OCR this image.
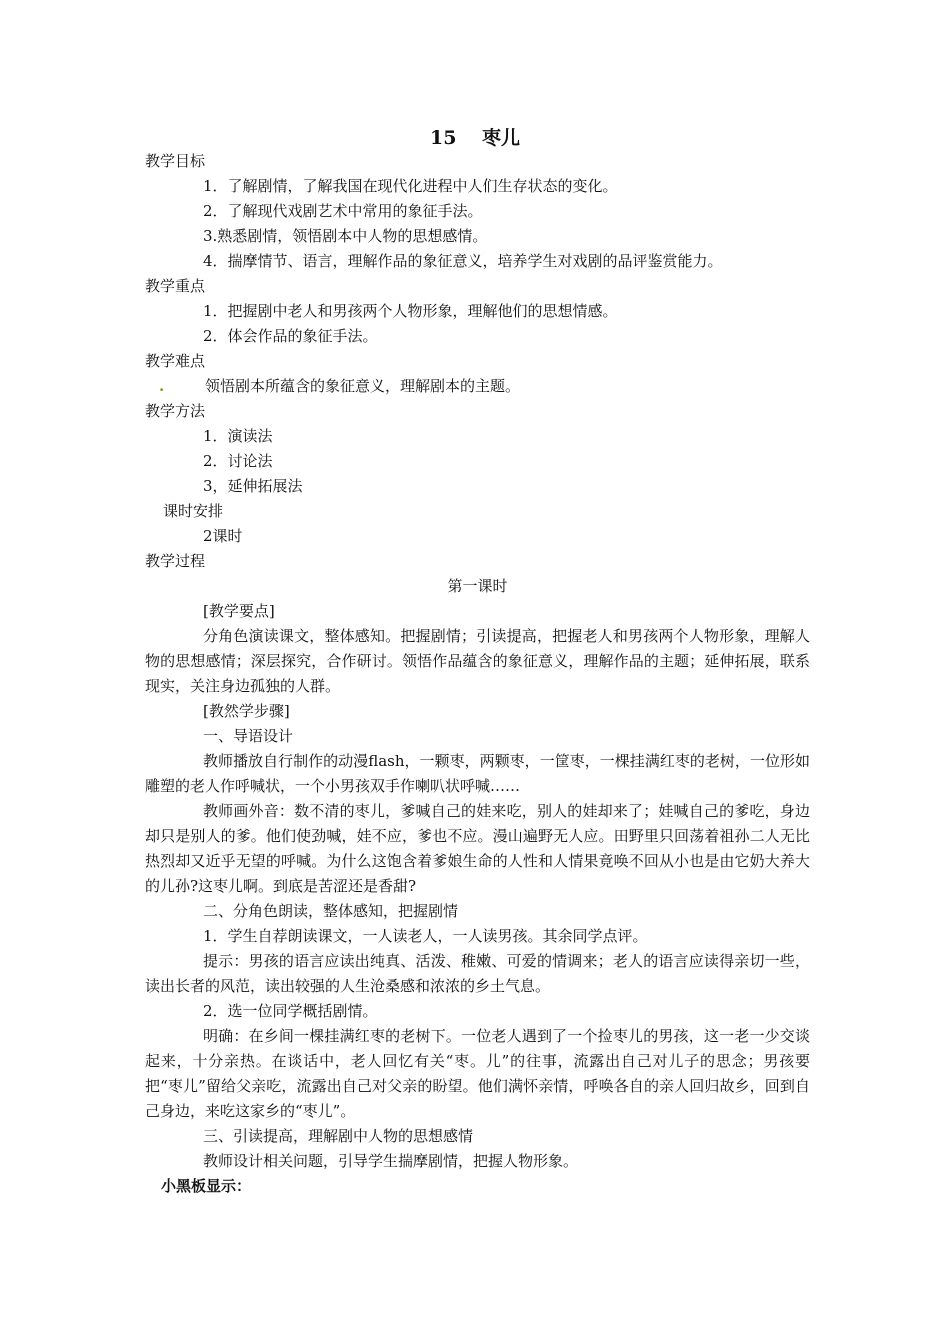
15　 枣儿
教学目标
1．了解剧情，了解我国在现代化进程中人们生存状态的变化。
2．了解现代戏剧艺术中常用的象征手法。
3.熟悉剧情，领悟剧本中人物的思想感情。
4．揣摩情节、语言，理解作品的象征意义，培养学生对戏剧的品评鉴赏能力。
教学重点
1．把握剧中老人和男孩两个人物形象，理解他们的思想情感。
2．体会作品的象征手法。
教学难点
.	领悟剧本所蕴含的象征意义，理解剧本的主题。
教学方法
1．演读法
2．讨论法
3，延伸拓展法
课时安排
2课时
教学过程
第一课时
[教学要点]
分角色演读课文，整体感知。把握剧情；引读提高，把握老人和男孩两个人物形象，理解人物的思想感情；深层探究，合作研讨。领悟作品蕴含的象征意义，理解作品的主题；延伸拓展，联系现实，关注身边孤独的人群。
[教然学步骤]
一、导语设计
教师播放自行制作的动漫flash，一颗枣，两颗枣，一筐枣，一棵挂满红枣的老树，一位形如雕塑的老人作呼喊状，一个小男孩双手作喇叭状呼喊……
教师画外音：数不清的枣儿，爹喊自己的娃来吃，别人的娃却来了；娃喊自己的爹吃，身边却只是别人的爹。他们使劲喊，娃不应，爹也不应。漫山遍野无人应。田野里只回荡着祖孙二人无比热烈却又近乎无望的呼喊。为什么这饱含着爹娘生命的人性和人情果竟唤不回从小也是由它奶大养大的儿孙?这枣儿啊。到底是苦涩还是香甜?
二、分角色朗读，整体感知，把握剧情
1．学生自荐朗读课文，一人读老人，一人读男孩。其余同学点评。
提示：男孩的语言应读出纯真、活泼、稚嫩、可爱的情调来；老人的语言应读得亲切一些，读出长者的风范，读出较强的人生沧桑感和浓浓的乡土气息。
2．选一位同学概括剧情。
明确：在乡间一棵挂满红枣的老树下。一位老人遇到了一个捡枣儿的男孩，这一老一少交谈起来，十分亲热。在谈话中，老人回忆有关“枣。儿”的往事，流露出自己对儿子的思念；男孩要把“枣儿”留给父亲吃，流露出自己对父亲的盼望。他们满怀亲情，呼唤各自的亲人回归故乡，回到自己身边，来吃这家乡的“枣儿”。
三、引读提高，理解剧中人物的思想感情
教师设计相关问题，引导学生揣摩剧情，把握人物形象。
小黑板显示：
